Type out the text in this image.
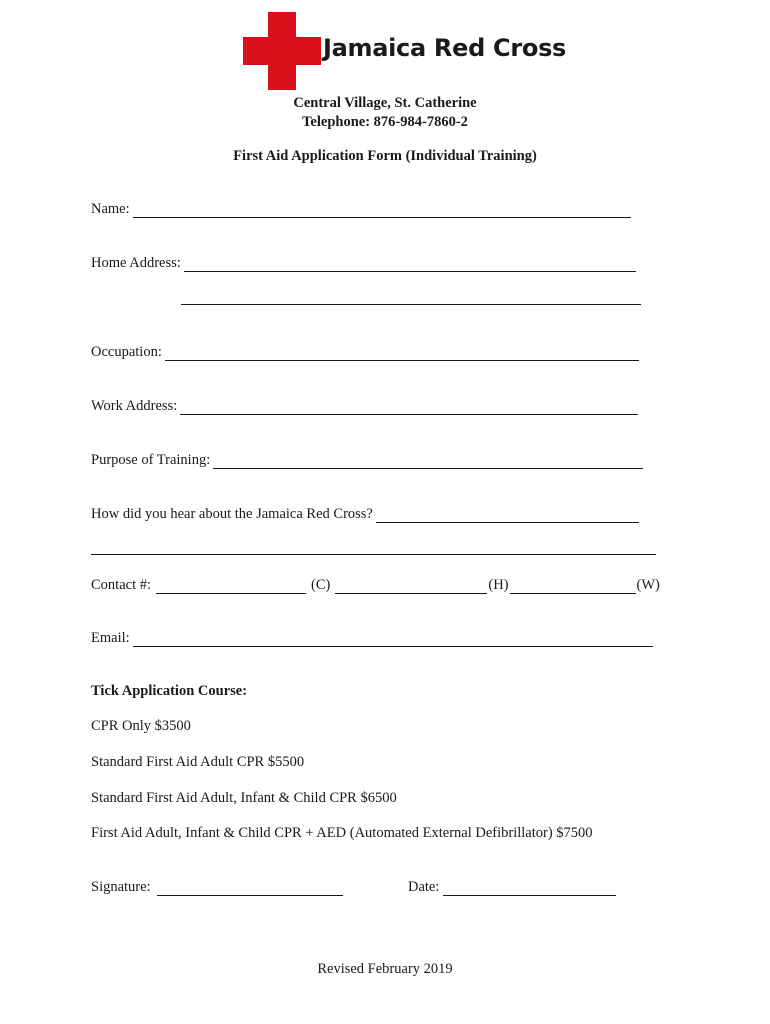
Jamaica Red Cross
Central Village, St. Catherine
Telephone: 876-984-7860-2
First Aid Application Form (Individual Training)
Name:
Home Address:
Occupation:
Work Address:
Purpose of Training:
How did you hear about the Jamaica Red Cross?
Contact #:	(C)	(H)	(W)
Email:
Tick Application Course:
CPR Only $3500
Standard First Aid Adult CPR $5500
Standard First Aid Adult, Infant & Child CPR $6500
First Aid Adult, Infant & Child CPR + AED (Automated External Defibrillator) $7500
Signature:	Date:
Revised February 2019
